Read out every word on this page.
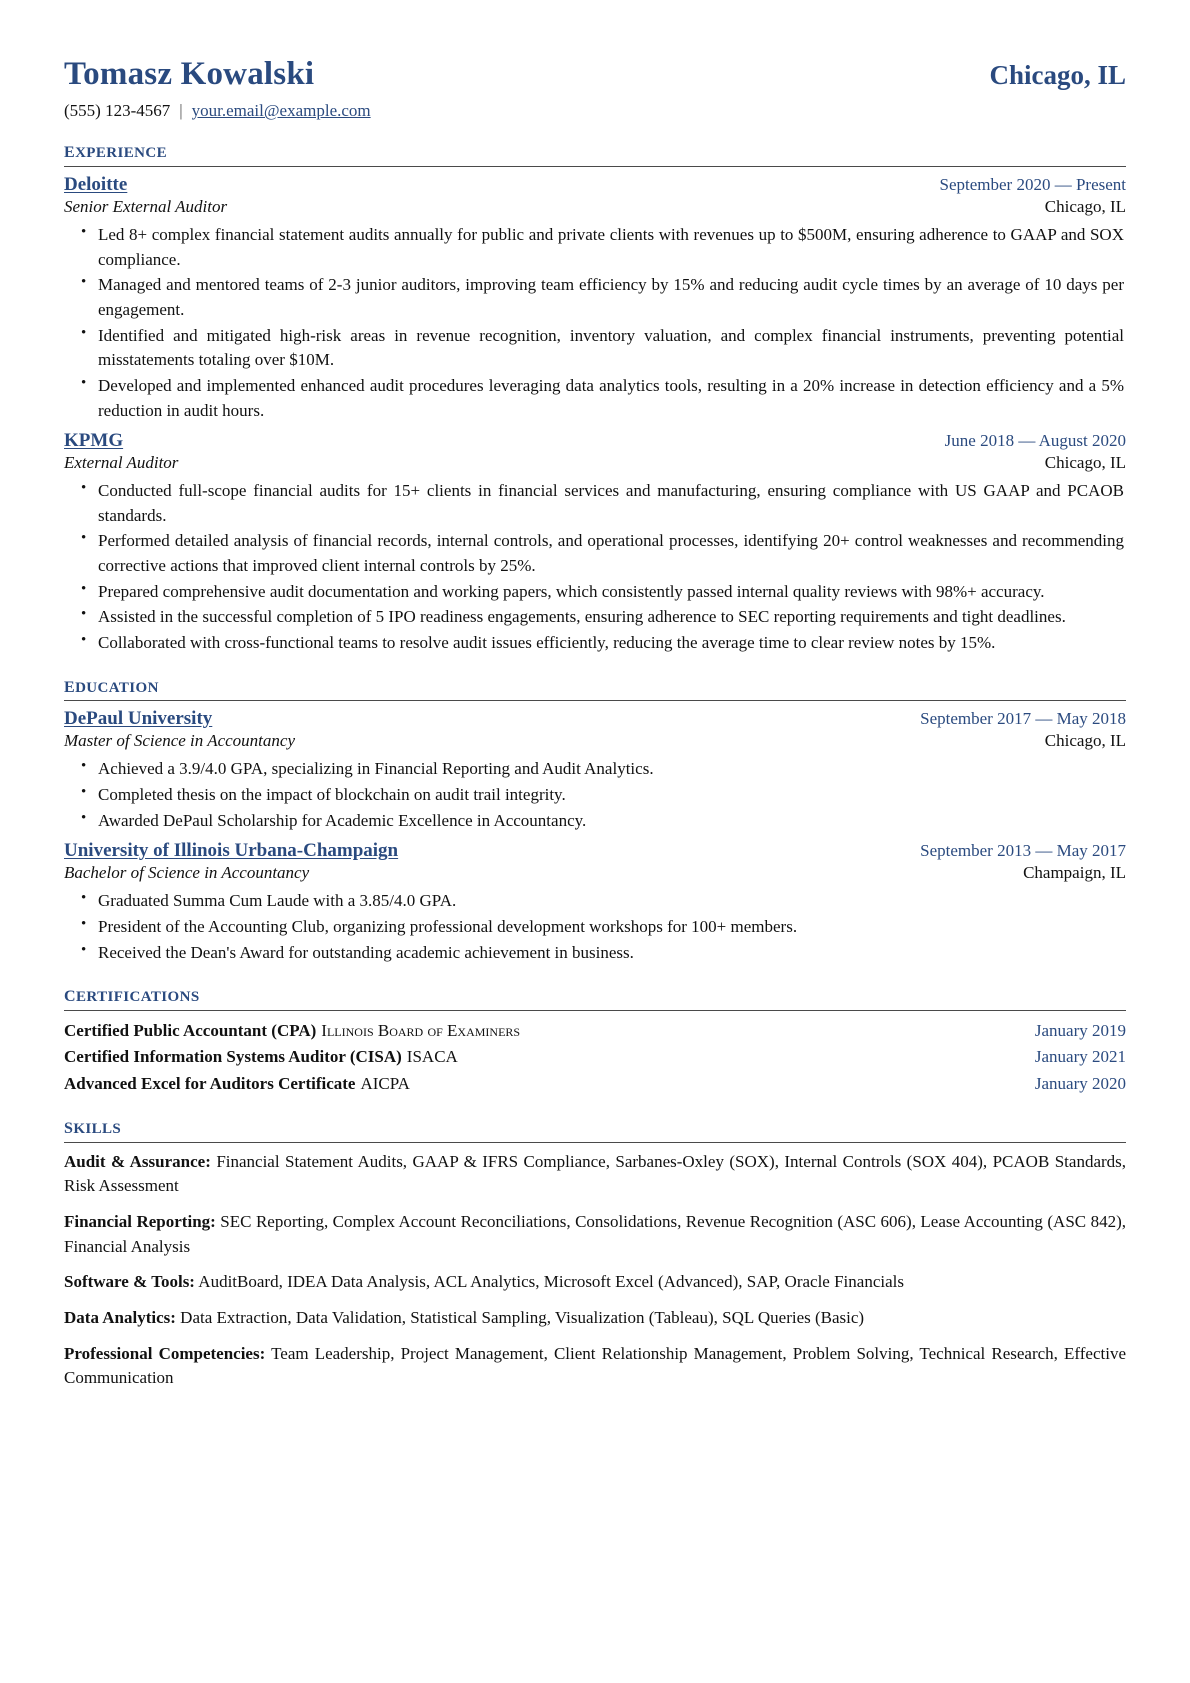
Tomasz Kowalski	Chicago, IL
(555) 123-4567 | your.email@example.com
experience
Deloitte	September 2020 — Present
Senior External Auditor	Chicago, IL
• Led 8+ complex financial statement audits annually for public and private clients with revenues up to $500M, ensuring adherence to GAAP and SOX compliance.
• Managed and mentored teams of 2-3 junior auditors, improving team efficiency by 15% and reducing audit cycle times by an average of 10 days per engagement.
• Identified and mitigated high-risk areas in revenue recognition, inventory valuation, and complex financial instruments, preventing potential misstatements totaling over $10M.
• Developed and implemented enhanced audit procedures leveraging data analytics tools, resulting in a 20% increase in detection efficiency and a 5% reduction in audit hours.
KPMG	June 2018 — August 2020
External Auditor	Chicago, IL
• Conducted full-scope financial audits for 15+ clients in financial services and manufacturing, ensuring compliance with US GAAP and PCAOB standards.
• Performed detailed analysis of financial records, internal controls, and operational processes, identifying 20+ control weaknesses and recommending corrective actions that improved client internal controls by 25%.
• Prepared comprehensive audit documentation and working papers, which consistently passed internal quality reviews with 98%+ accuracy.
• Assisted in the successful completion of 5 IPO readiness engagements, ensuring adherence to SEC reporting requirements and tight deadlines.
• Collaborated with cross-functional teams to resolve audit issues efficiently, reducing the average time to clear review notes by 15%.
education
DePaul University	September 2017 — May 2018
Master of Science in Accountancy	Chicago, IL
• Achieved a 3.9/4.0 GPA, specializing in Financial Reporting and Audit Analytics.
• Completed thesis on the impact of blockchain on audit trail integrity.
• Awarded DePaul Scholarship for Academic Excellence in Accountancy.
University of Illinois Urbana-Champaign	September 2013 — May 2017
Bachelor of Science in Accountancy	Champaign, IL
• Graduated Summa Cum Laude with a 3.85/4.0 GPA.
• President of the Accounting Club, organizing professional development workshops for 100+ members.
• Received the Dean's Award for outstanding academic achievement in business.
certifications
Certified Public Accountant (CPA) Illinois Board of Examiners	January 2019
Certified Information Systems Auditor (CISA) ISACA	January 2021
Advanced Excel for Auditors Certificate AICPA	January 2020
skills
Audit & Assurance: Financial Statement Audits, GAAP & IFRS Compliance, Sarbanes-Oxley (SOX), Internal Controls (SOX 404), PCAOB Standards, Risk Assessment
Financial Reporting: SEC Reporting, Complex Account Reconciliations, Consolidations, Revenue Recognition (ASC 606), Lease Accounting (ASC 842), Financial Analysis
Software & Tools: AuditBoard, IDEA Data Analysis, ACL Analytics, Microsoft Excel (Advanced), SAP, Oracle Financials
Data Analytics: Data Extraction, Data Validation, Statistical Sampling, Visualization (Tableau), SQL Queries (Basic)
Professional Competencies: Team Leadership, Project Management, Client Relationship Management, Problem Solving, Technical Research, Effective Communication
